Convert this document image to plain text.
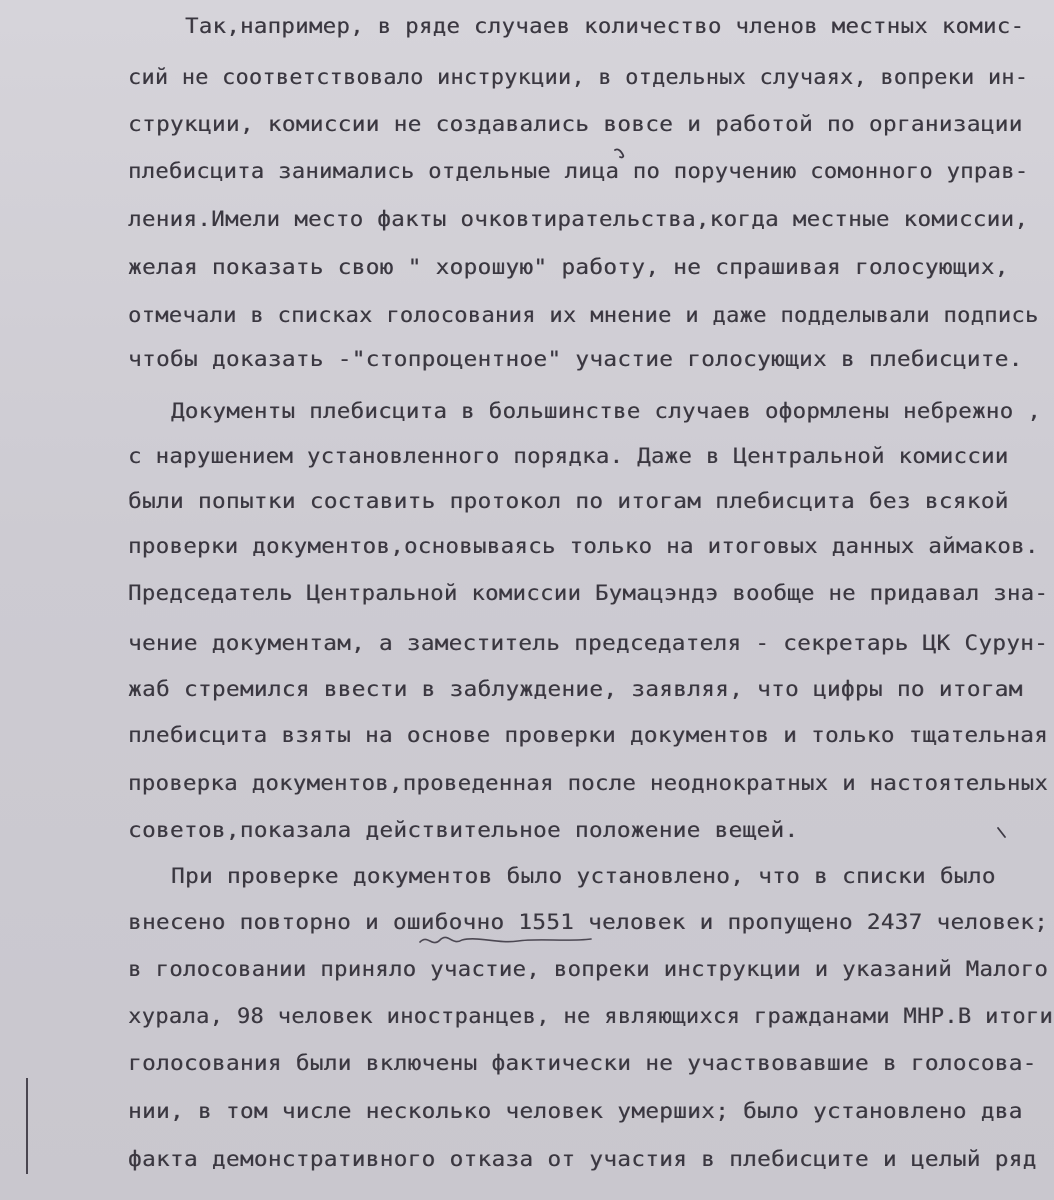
Так,например, в ряде случаев количество членов местных комис-
сий не соответствовало инструкции, в отдельных случаях, вопреки ин-
струкции, комиссии не создавались вовсе и работой по организации
плебисцита занимались отдельные лица по поручению сомонного управ-
ления.Имели место факты очковтирательства,когда местные комиссии,
желая показать свою " хорошую" работу, не спрашивая голосующих,
отмечали в списках голосования их мнение и даже подделывали подпись
чтобы доказать -"стопроцентное" участие голосующих в плебисците.
Документы плебисцита в большинстве случаев оформлены небрежно ,
с нарушением установленного порядка. Даже в Центральной комиссии
были попытки составить протокол по итогам плебисцита без всякой
проверки документов,основываясь только на итоговых данных аймаков.
Председатель Центральной комиссии Бумацэндэ вообще не придавал зна-
чение документам, а заместитель председателя - секретарь ЦК Сурун-
жаб стремился ввести в заблуждение, заявляя, что цифры по итогам
плебисцита взяты на основе проверки документов и только тщательная
проверка документов,проведенная после неоднократных и настоятельных
советов,показала действительное положение вещей.
При проверке документов было установлено, что в списки было
внесено повторно и ошибочно 1551 человек и пропущено 2437 человек;
в голосовании приняло участие, вопреки инструкции и указаний Малого
хурала, 98 человек иностранцев, не являющихся гражданами МНР.В итоги
голосования были включены фактически не участвовавшие в голосова-
нии, в том числе несколько человек умерших; было установлено два
факта демонстративного отказа от участия в плебисците и целый ряд
